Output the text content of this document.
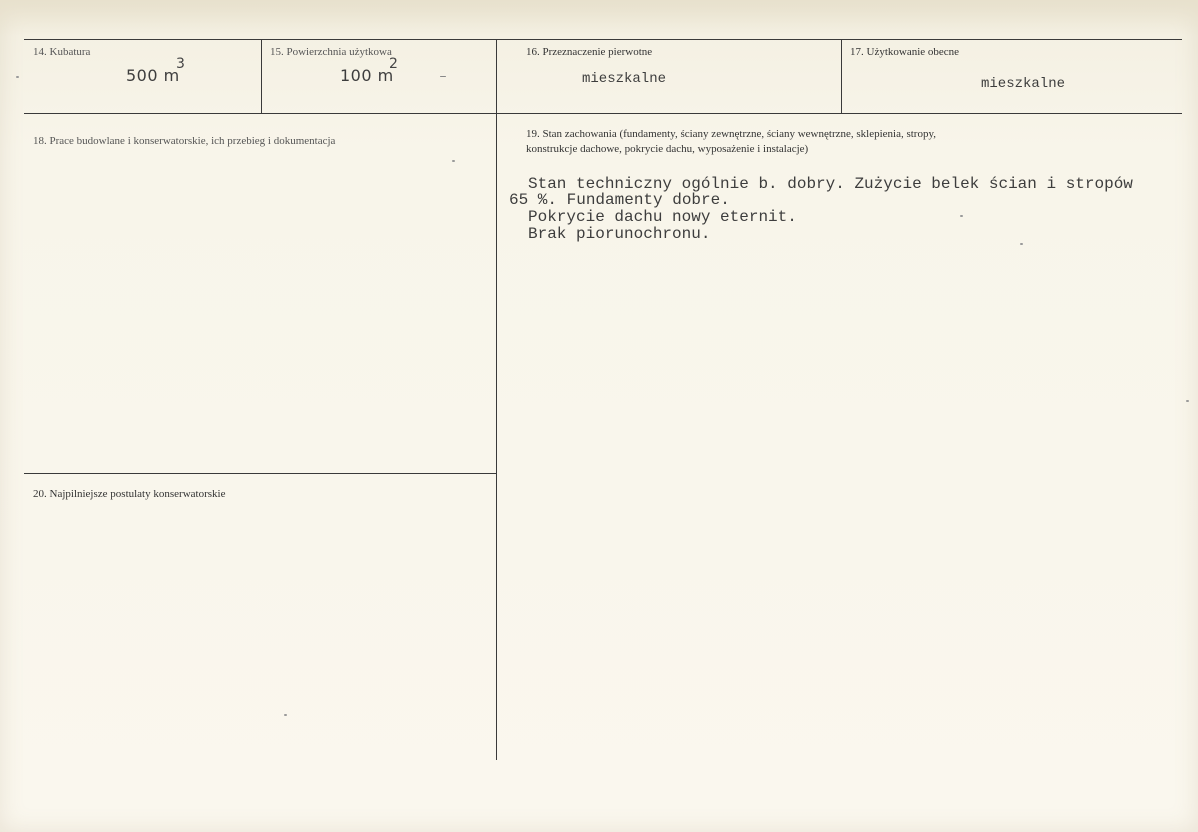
14. Kubatura
500 m
3
15. Powierzchnia użytkowa
100 m
2
16. Przeznaczenie pierwotne
mieszkalne
17. Użytkowanie obecne
mieszkalne
18. Prace budowlane i konserwatorskie, ich przebieg i dokumentacja
19. Stan zachowania (fundamenty, ściany zewnętrzne, ściany wewnętrzne, sklepienia, stropy,
konstrukcje dachowe, pokrycie dachu, wyposażenie i instalacje)
Stan techniczny ogólnie b. dobry. Zużycie belek ścian i stropów
65 %. Fundamenty dobre.
Pokrycie dachu nowy eternit.
Brak piorunochronu.
20. Najpilniejsze postulaty konserwatorskie
